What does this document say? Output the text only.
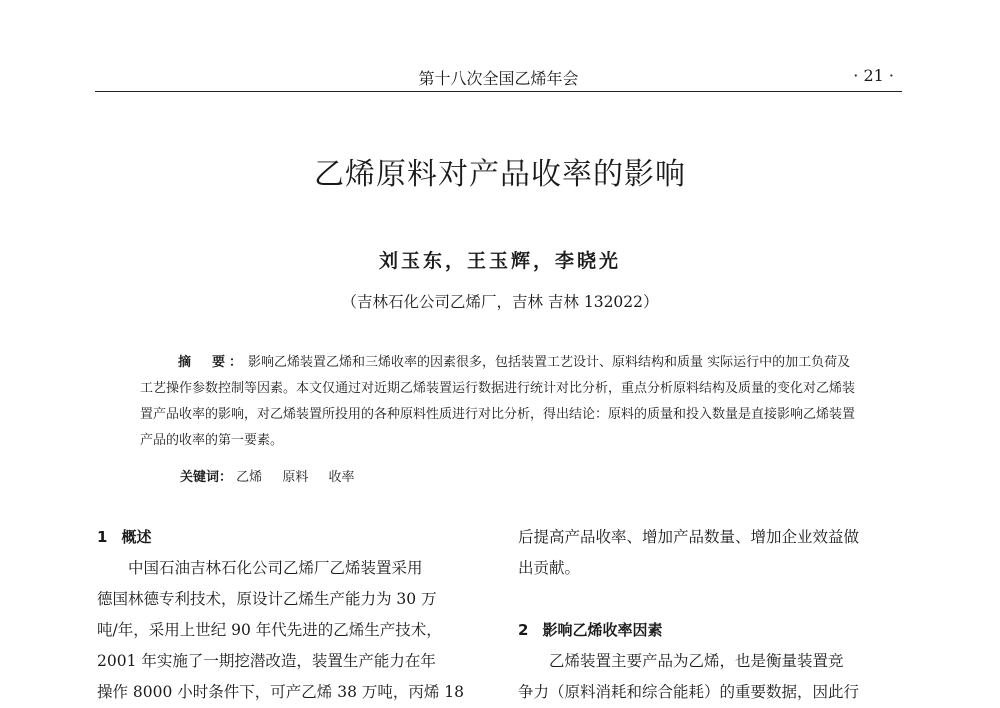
第十八次全国乙烯年会	· 21 ·
乙烯原料对产品收率的影响
刘玉东，王玉辉，李晓光
（吉林石化公司乙烯厂，吉林 吉林 132022）
摘　要： 影响乙烯装置乙烯和三烯收率的因素很多，包括装置工艺设计、原料结构和质量 实际运行中的加工负荷及工艺操作参数控制等因素。本文仅通过对近期乙烯装置运行数据进行统计对比分析，重点分析原料结构及质量的变化对乙烯装置产品收率的影响，对乙烯装置所投用的各种原料性质进行对比分析，得出结论：原料的质量和投入数量是直接影响乙烯装置产品的收率的第一要素。
关键词： 乙烯 原料 收率
1 概述

中国石油吉林石化公司乙烯厂乙烯装置采用

德国林德专利技术，原设计乙烯生产能力为 30 万

吨/年，采用上世纪 90 年代先进的乙烯生产技术，

2001 年实施了一期挖潜改造，装置生产能力在年

操作 8000 小时条件下，可产乙烯 38 万吨，丙烯 18

后提高产品收率、增加产品数量、增加企业效益做

出贡献。

2 影响乙烯收率因素

乙烯装置主要产品为乙烯，也是衡量装置竞

争力（原料消耗和综合能耗）的重要数据，因此行
